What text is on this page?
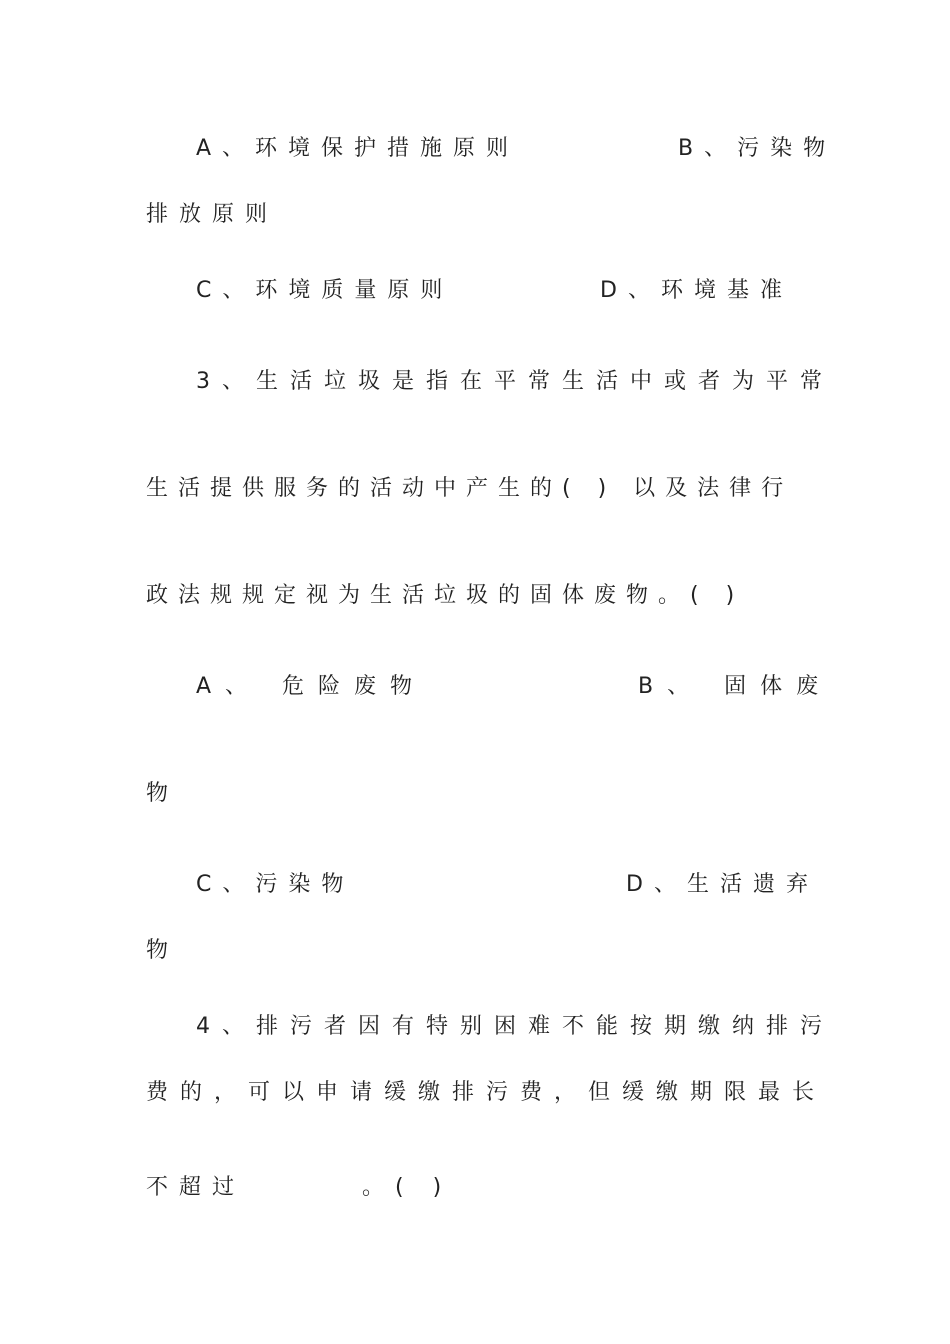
A、环境保护措施原则	B、污染物
排放原则
C、环境质量原则	D、环境基准
3、生活垃圾是指在平常生活中或者为平常
生活提供服务的活动中产生的( ) 以及法律行
政法规规定视为生活垃圾的固体废物。( )
A、 危险废物	B、 固体废
物
C、污染物	D、生活遗弃
物
4、排污者因有特别困难不能按期缴纳排污
费的，可以申请缓缴排污费，但缓缴期限最长
不超过	。( )
